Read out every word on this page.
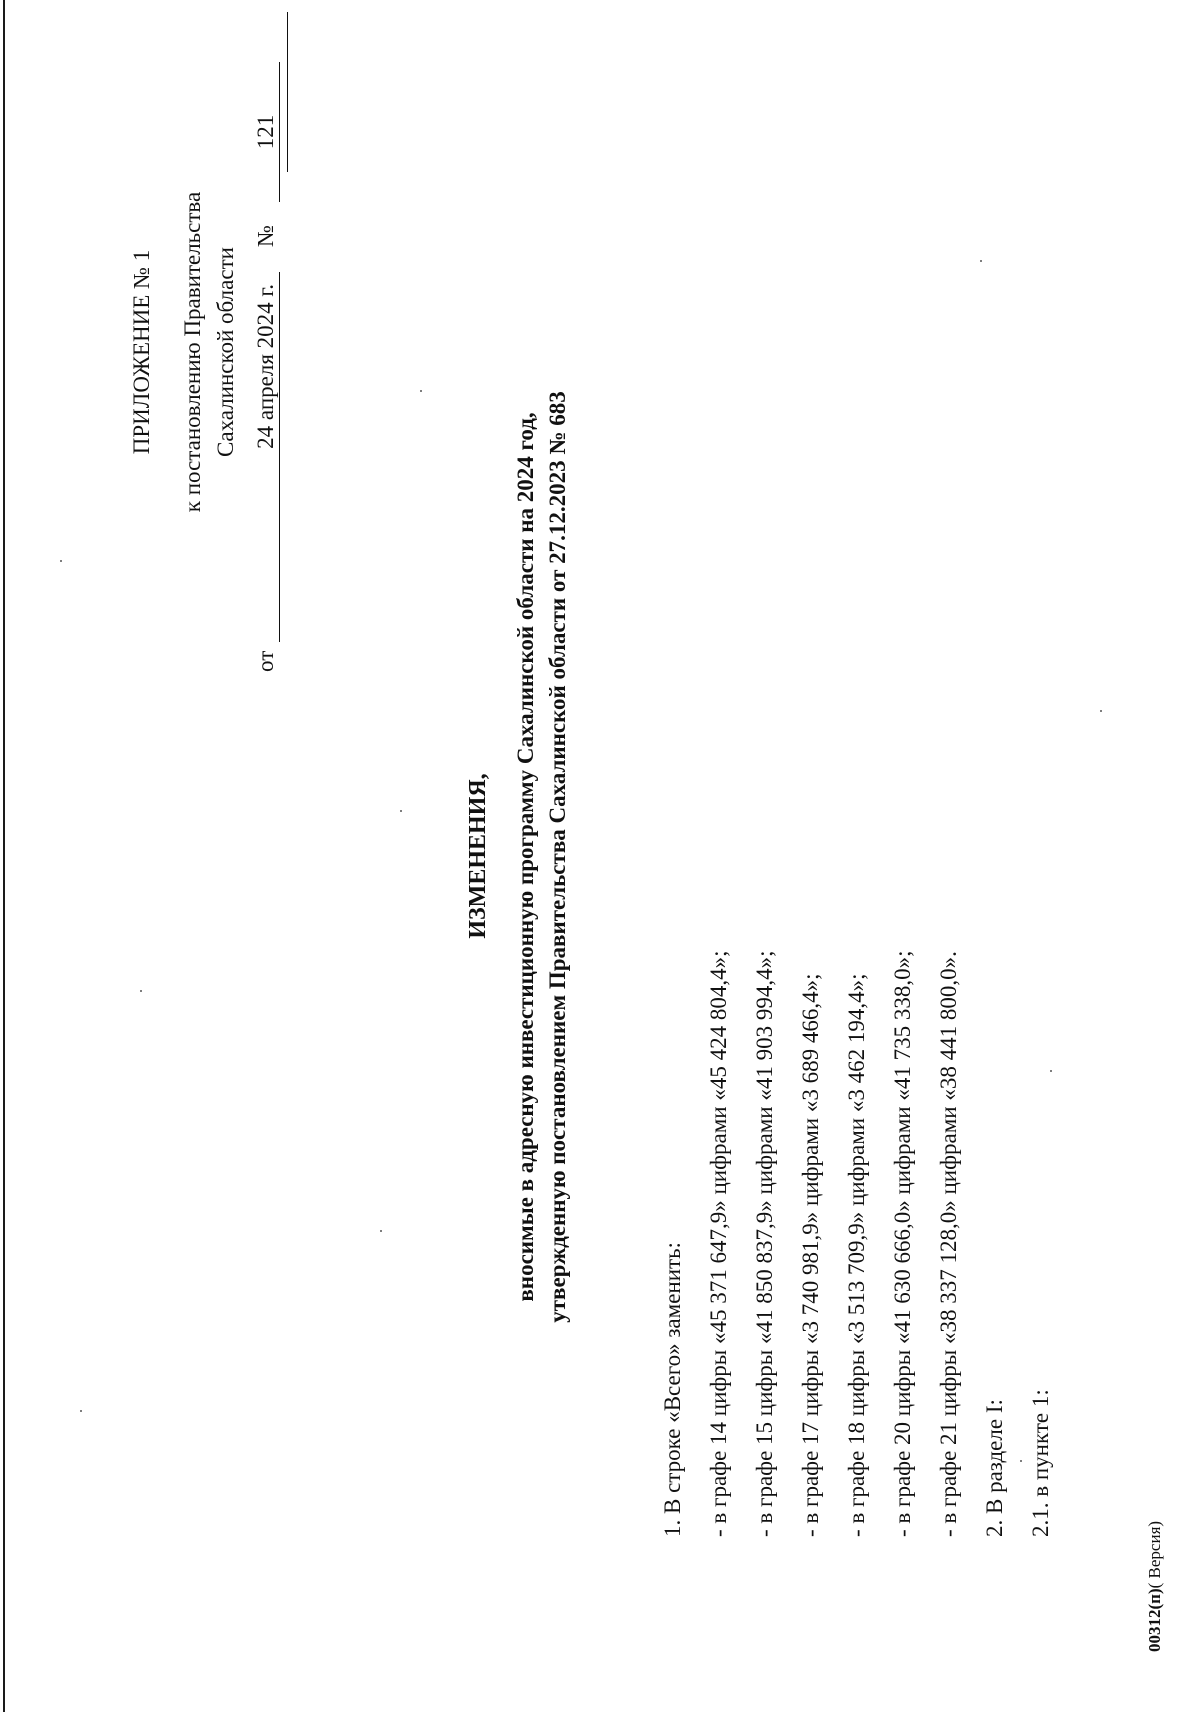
ПРИЛОЖЕНИЕ № 1 к постановлению Правительства Сахалинской области
от
24 апреля 2024 г.
№
121
ИЗМЕНЕНИЯ, вносимые в адресную инвестиционную программу Сахалинской области на 2024 год, утвержденную постановлением Правительства Сахалинской области от 27.12.2023 № 683
1. В строке «Всего» заменить: - в графе 14 цифры «45 371 647,9» цифрами «45 424 804,4»; - в графе 15 цифры «41 850 837,9» цифрами «41 903 994,4»; - в графе 17 цифры «3 740 981,9» цифрами «3 689 466,4»; - в графе 18 цифры «3 513 709,9» цифрами «3 462 194,4»; - в графе 20 цифры «41 630 666,0» цифрами «41 735 338,0»; - в графе 21 цифры «38 337 128,0» цифрами «38 441 800,0». 2. В разделе I: 2.1. в пункте 1:
00312(п)( Версия)
